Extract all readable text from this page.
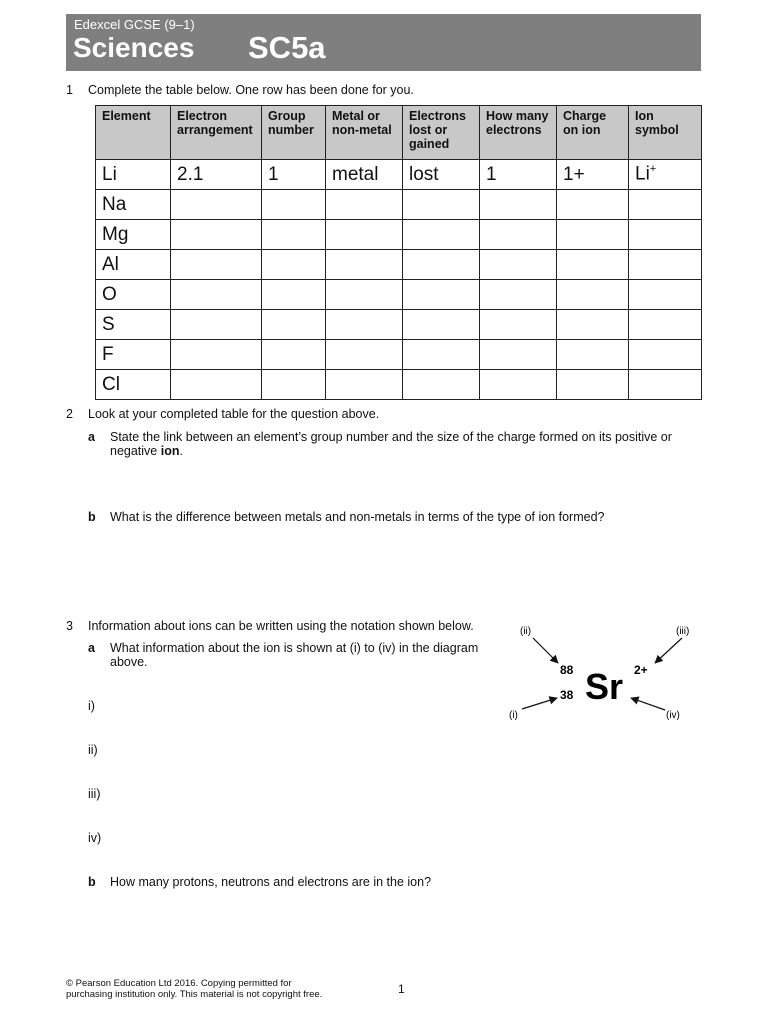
Edexcel GCSE (9–1)
Sciences SC5a
1 Complete the table below. One row has been done for you.
Element	Electron arrangement	Group number	Metal or non-metal	Electrons lost or gained	How many electrons	Charge on ion	Ion symbol
Li	2.1	1	metal	lost	1	1+	Li+
Na							
Mg							
Al							
O							
S							
F							
Cl							
2 Look at your completed table for the question above.
a State the link between an element’s group number and the size of the charge formed on its positive or
negative ion.
b What is the difference between metals and non-metals in terms of the type of ion formed?
3 Information about ions can be written using the notation shown below.
a What information about the ion is shown at (i) to (iv) in the diagram
above.
i)
ii)
iii)
iv)
b How many protons, neutrons and electrons are in the ion?
(ii)	(iii)
(i)	(iv)
88
38 Sr 2+
© Pearson Education Ltd 2016. Copying permitted for
purchasing institution only. This material is not copyright free.	1
